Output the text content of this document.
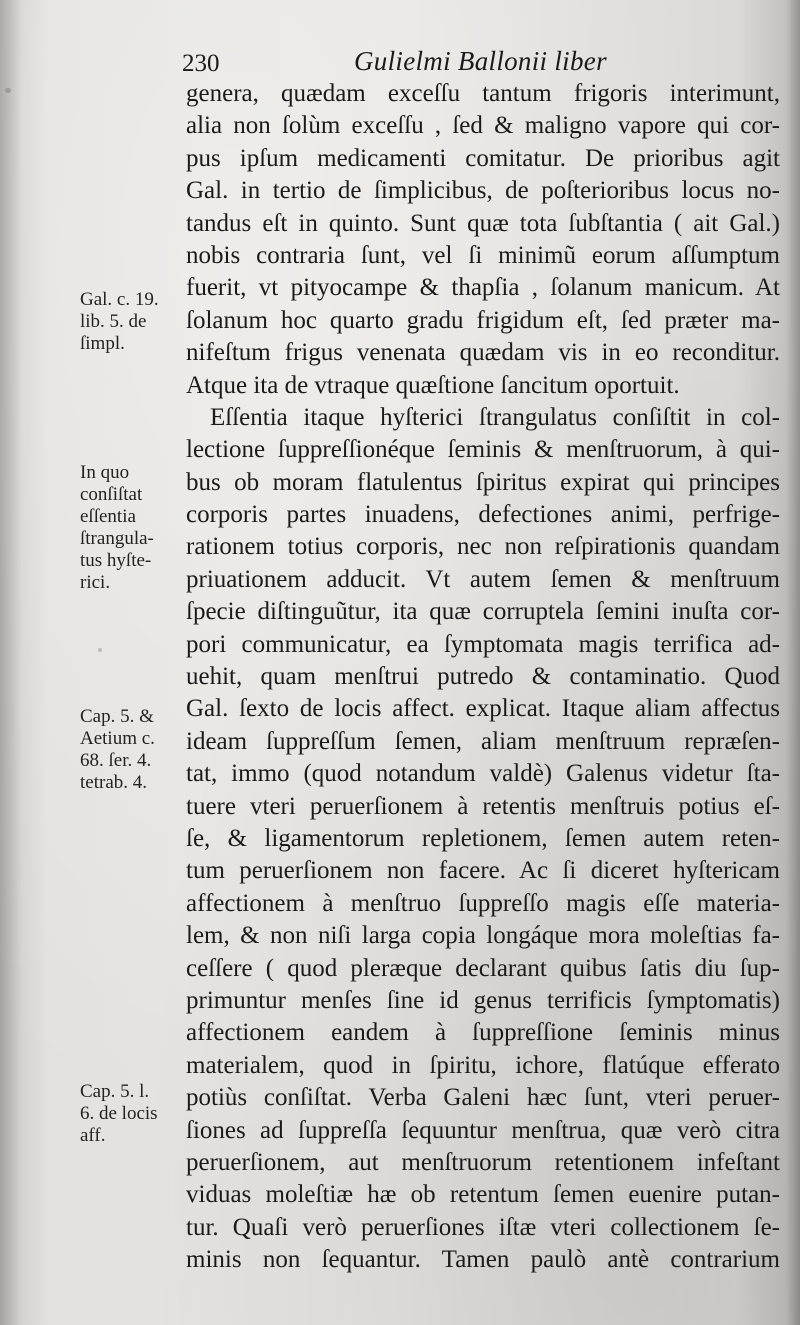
230	Gulielmi Ballonii liber
genera, quædam exceſſu tantum frigoris interimunt,
alia non ſolùm exceſſu , ſed & maligno vapore qui cor-
pus ipſum medicamenti comitatur. De prioribus agit
Gal. in tertio de ſimplicibus, de poſterioribus locus no-
tandus eſt in quinto. Sunt quæ tota ſubſtantia ( ait Gal.)
nobis contraria ſunt, vel ſi minimũ eorum aſſumptum
fuerit, vt pityocampe & thapſia , ſolanum manicum. At
ſolanum hoc quarto gradu frigidum eſt, ſed præter ma-
nifeſtum frigus venenata quædam vis in eo reconditur.
Atque ita de vtraque quæſtione ſancitum oportuit.
Eſſentia itaque hyſterici ſtrangulatus conſiſtit in col-
lectione ſuppreſſionéque ſeminis & menſtruorum, à qui-
bus ob moram flatulentus ſpiritus expirat qui principes
corporis partes inuadens, defectiones animi, perfrige-
rationem totius corporis, nec non reſpirationis quandam
priuationem adducit. Vt autem ſemen & menſtruum
ſpecie diſtinguũtur, ita quæ corruptela ſemini inuſta cor-
pori communicatur, ea ſymptomata magis terrifica ad-
uehit, quam menſtrui putredo & contaminatio. Quod
Gal. ſexto de locis affect. explicat. Itaque aliam affectus
ideam ſuppreſſum ſemen, aliam menſtruum repræſen-
tat, immo (quod notandum valdè) Galenus videtur ſta-
tuere vteri peruerſionem à retentis menſtruis potius eſ-
ſe, & ligamentorum repletionem, ſemen autem reten-
tum peruerſionem non facere. Ac ſi diceret hyſtericam
affectionem à menſtruo ſuppreſſo magis eſſe materia-
lem, & non niſi larga copia longáque mora moleſtias fa-
ceſſere ( quod pleræque declarant quibus ſatis diu ſup-
primuntur menſes ſine id genus terrificis ſymptomatis)
affectionem eandem à ſuppreſſione ſeminis minus
materialem, quod in ſpiritu, ichore, flatúque efferato
potiùs conſiſtat. Verba Galeni hæc ſunt, vteri peruer-
ſiones ad ſuppreſſa ſequuntur menſtrua, quæ verò citra
peruerſionem, aut menſtruorum retentionem infeſtant
viduas moleſtiæ hæ ob retentum ſemen euenire putan-
tur. Quaſi verò peruerſiones iſtæ vteri collectionem ſe-
minis non ſequantur. Tamen paulò antè contrarium
Gal. c. 19.
lib. 5. de
ſimpl.
In quo
conſiſtat
eſſentia
ſtrangula-
tus hyſte-
rici.
Cap. 5. &
Aetium c.
68. ſer. 4.
tetrab. 4.
Cap. 5. l.
6. de locis
aff.
